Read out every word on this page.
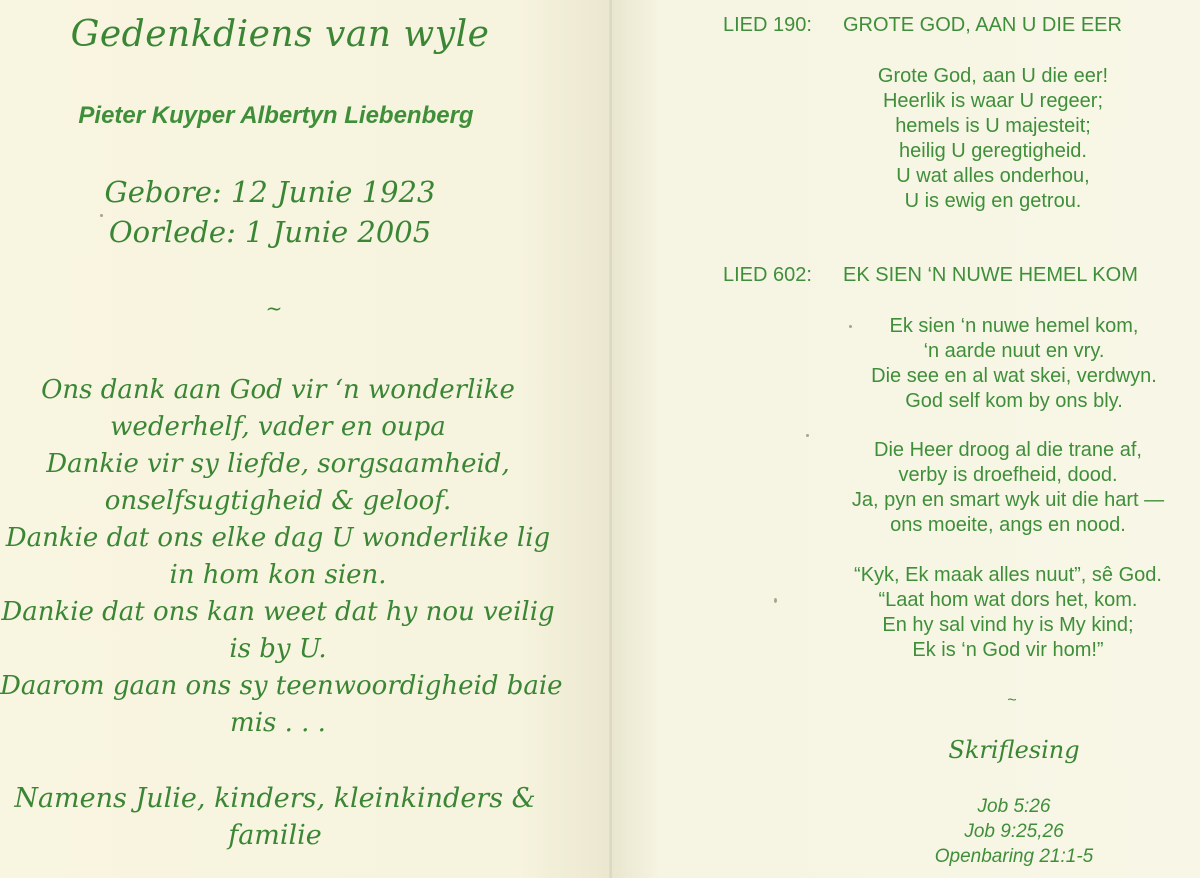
Gedenkdiens van wyle
Pieter Kuyper Albertyn Liebenberg
Gebore: 12 Junie 1923
Oorlede: 1 Junie 2005
~
Ons dank aan God vir ‘n wonderlike
wederhelf, vader en oupa
Dankie vir sy liefde, sorgsaamheid,
onselfsugtigheid & geloof.
Dankie dat ons elke dag U wonderlike lig
in hom kon sien.
Dankie dat ons kan weet dat hy nou veilig
is by U.
Daarom gaan ons sy teenwoordigheid baie
mis . . .
Namens Julie, kinders, kleinkinders &
familie
LIED 190: GROTE GOD, AAN U DIE EER
Grote God, aan U die eer!
Heerlik is waar U regeer;
hemels is U majesteit;
heilig U geregtigheid.
U wat alles onderhou,
U is ewig en getrou.
LIED 602: EK SIEN ‘N NUWE HEMEL KOM
Ek sien ‘n nuwe hemel kom,
‘n aarde nuut en vry.
Die see en al wat skei, verdwyn.
God self kom by ons bly.
Die Heer droog al die trane af,
verby is droefheid, dood.
Ja, pyn en smart wyk uit die hart —
ons moeite, angs en nood.
“Kyk, Ek maak alles nuut”, sê God.
“Laat hom wat dors het, kom.
En hy sal vind hy is My kind;
Ek is ‘n God vir hom!”
~
Skriflesing
Job 5:26
Job 9:25,26
Openbaring 21:1-5
